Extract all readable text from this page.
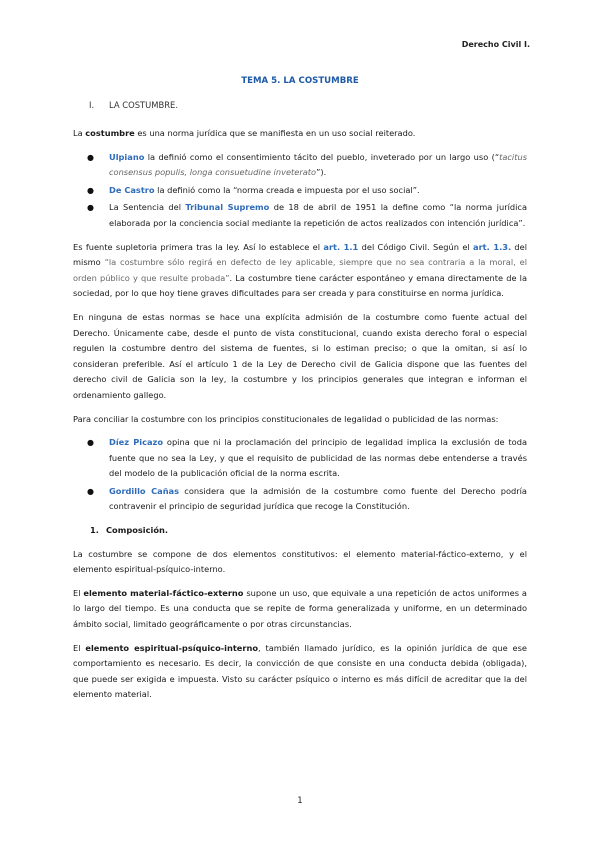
Derecho Civil I.
TEMA 5. LA COSTUMBRE
I. LA COSTUMBRE.

La costumbre es una norma jurídica que se manifiesta en un uso social reiterado.

● Ulpiano la definió como el consentimiento tácito del pueblo, inveterado por un largo uso (“tacitus consensus populis, longa consuetudine inveterato”).
● De Castro la definió como la “norma creada e impuesta por el uso social”.
● La Sentencia del Tribunal Supremo de 18 de abril de 1951 la define como “la norma jurídica elaborada por la conciencia social mediante la repetición de actos realizados con intención jurídica”.

Es fuente supletoria primera tras la ley. Así lo establece el art. 1.1 del Código Civil. Según el art. 1.3. del mismo “la costumbre sólo regirá en defecto de ley aplicable, siempre que no sea contraria a la moral, el orden público y que resulte probada”. La costumbre tiene carácter espontáneo y emana directamente de la sociedad, por lo que hoy tiene graves dificultades para ser creada y para constituirse en norma jurídica.

En ninguna de estas normas se hace una explícita admisión de la costumbre como fuente actual del Derecho. Únicamente cabe, desde el punto de vista constitucional, cuando exista derecho foral o especial regulen la costumbre dentro del sistema de fuentes, si lo estiman preciso; o que la omitan, si así lo consideran preferible. Así el artículo 1 de la Ley de Derecho civil de Galicia dispone que las fuentes del derecho civil de Galicia son la ley, la costumbre y los principios generales que integran e informan el ordenamiento gallego.

Para conciliar la costumbre con los principios constitucionales de legalidad o publicidad de las normas:

● Díez Picazo opina que ni la proclamación del principio de legalidad implica la exclusión de toda fuente que no sea la Ley, y que el requisito de publicidad de las normas debe entenderse a través del modelo de la publicación oficial de la norma escrita.
● Gordillo Cañas considera que la admisión de la costumbre como fuente del Derecho podría contravenir el principio de seguridad jurídica que recoge la Constitución.
1. Composición.

La costumbre se compone de dos elementos constitutivos: el elemento material-fáctico-externo, y el elemento espiritual-psíquico-interno.

El elemento material-fáctico-externo supone un uso, que equivale a una repetición de actos uniformes a lo largo del tiempo. Es una conducta que se repite de forma generalizada y uniforme, en un determinado ámbito social, limitado geográficamente o por otras circunstancias.

El elemento espiritual-psíquico-interno, también llamado jurídico, es la opinión jurídica de que ese comportamiento es necesario. Es decir, la convicción de que consiste en una conducta debida (obligada), que puede ser exigida e impuesta. Visto su carácter psíquico o interno es más difícil de acreditar que la del elemento material.

1
